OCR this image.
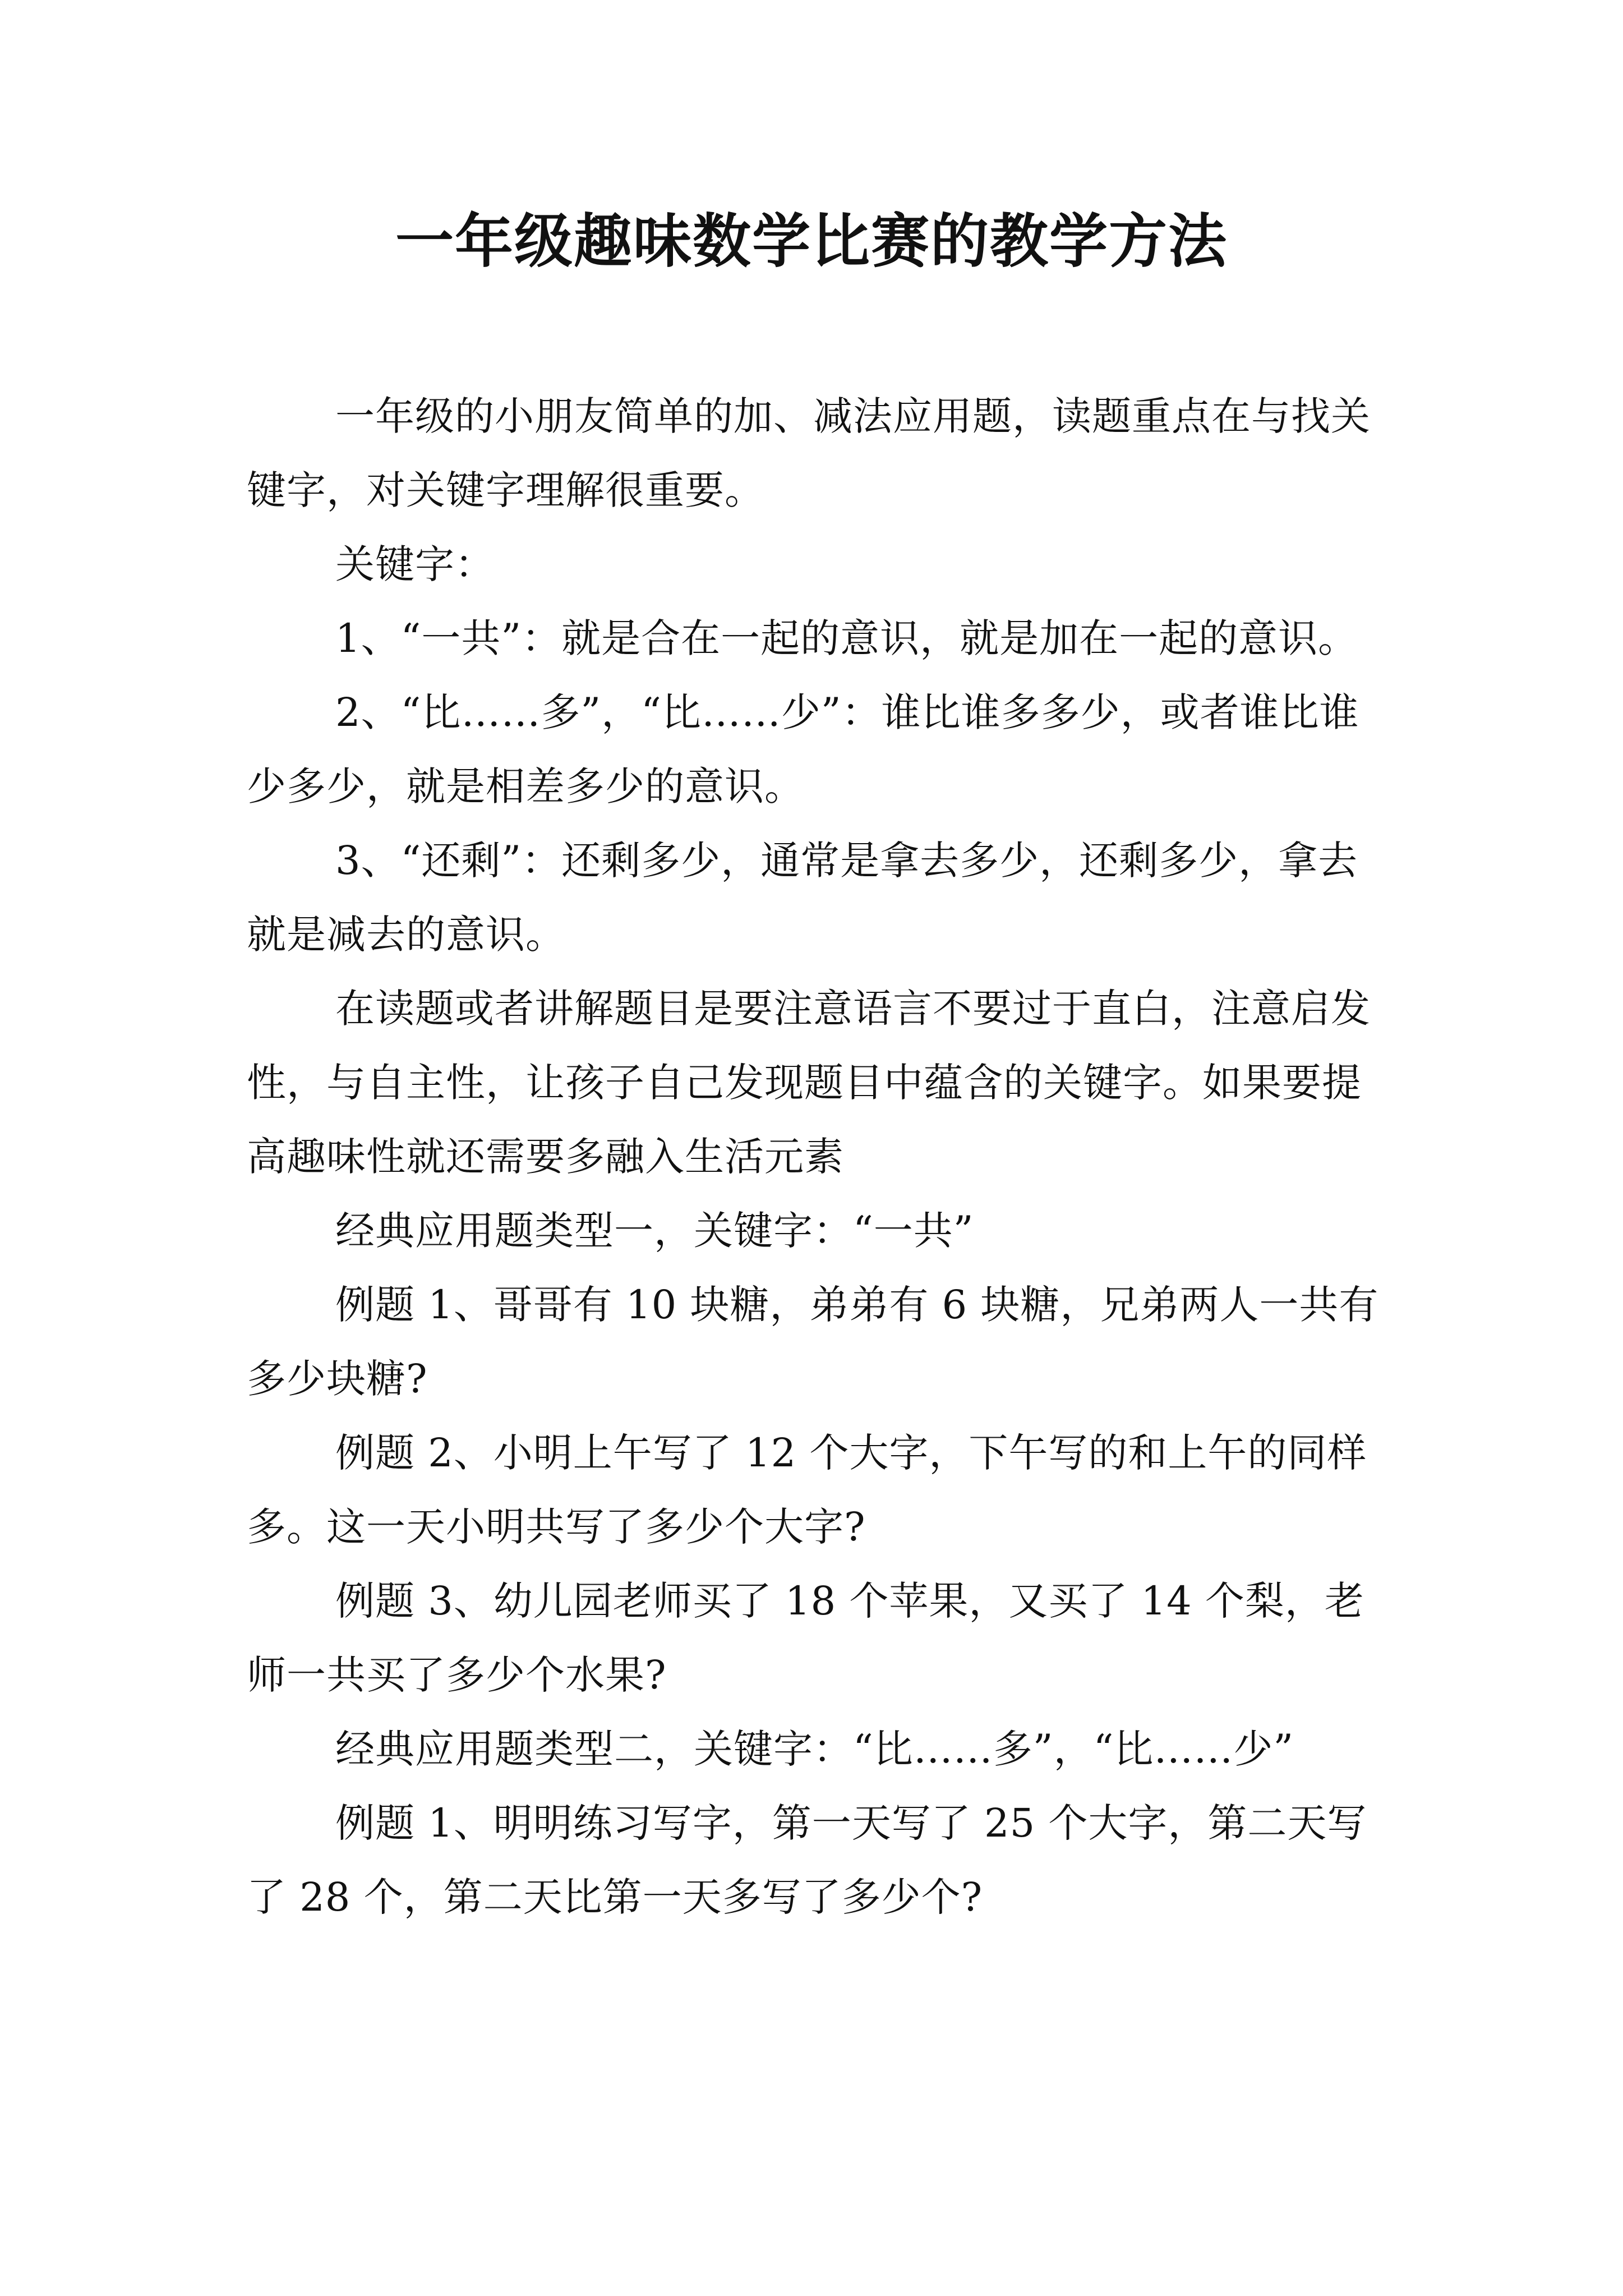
一年级趣味数学比赛的教学方法

一年级的小朋友简单的加、减法应用题，读题重点在与找关键字，对关键字理解很重要。

关键字：

1、“一共”：就是合在一起的意识，就是加在一起的意识。

2、“比……多”，“比……少”：谁比谁多多少，或者谁比谁少多少，就是相差多少的意识。

3、“还剩”：还剩多少，通常是拿去多少，还剩多少，拿去就是减去的意识。

在读题或者讲解题目是要注意语言不要过于直白，注意启发性，与自主性，让孩子自己发现题目中蕴含的关键字。如果要提高趣味性就还需要多融入生活元素

经典应用题类型一，关键字：“一共”

例题 1、哥哥有 10 块糖，弟弟有 6 块糖，兄弟两人一共有多少块糖?

例题 2、小明上午写了 12 个大字，下午写的和上午的同样多。这一天小明共写了多少个大字?

例题 3、幼儿园老师买了 18 个苹果，又买了 14 个梨，老师一共买了多少个水果?

经典应用题类型二，关键字：“比……多”，“比……少”

例题 1、明明练习写字，第一天写了 25 个大字，第二天写了 28 个，第二天比第一天多写了多少个?
